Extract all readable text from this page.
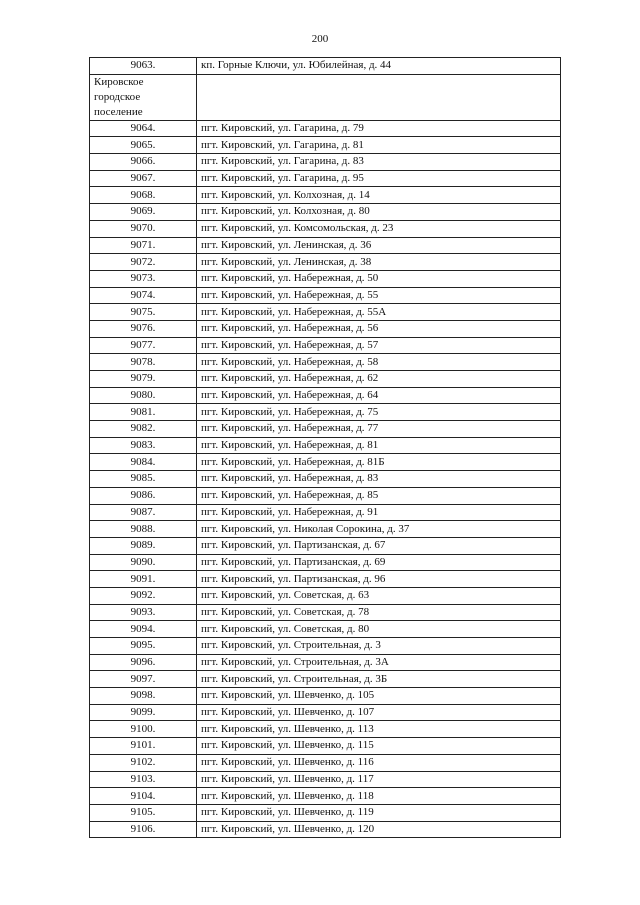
200
9063.	кп. Горные Ключи, ул. Юбилейная, д. 44

Кировское
городское
поселение	

9064.	пгт. Кировский, ул. Гагарина, д. 79
9065.	пгт. Кировский, ул. Гагарина, д. 81
9066.	пгт. Кировский, ул. Гагарина, д. 83
9067.	пгт. Кировский, ул. Гагарина, д. 95
9068.	пгт. Кировский, ул. Колхозная, д. 14
9069.	пгт. Кировский, ул. Колхозная, д. 80
9070.	пгт. Кировский, ул. Комсомольская, д. 23
9071.	пгт. Кировский, ул. Ленинская, д. 36
9072.	пгт. Кировский, ул. Ленинская, д. 38
9073.	пгт. Кировский, ул. Набережная, д. 50
9074.	пгт. Кировский, ул. Набережная, д. 55
9075.	пгт. Кировский, ул. Набережная, д. 55А
9076.	пгт. Кировский, ул. Набережная, д. 56
9077.	пгт. Кировский, ул. Набережная, д. 57
9078.	пгт. Кировский, ул. Набережная, д. 58
9079.	пгт. Кировский, ул. Набережная, д. 62
9080.	пгт. Кировский, ул. Набережная, д. 64
9081.	пгт. Кировский, ул. Набережная, д. 75
9082.	пгт. Кировский, ул. Набережная, д. 77
9083.	пгт. Кировский, ул. Набережная, д. 81
9084.	пгт. Кировский, ул. Набережная, д. 81Б
9085.	пгт. Кировский, ул. Набережная, д. 83
9086.	пгт. Кировский, ул. Набережная, д. 85
9087.	пгт. Кировский, ул. Набережная, д. 91
9088.	пгт. Кировский, ул. Николая Сорокина, д. 37
9089.	пгт. Кировский, ул. Партизанская, д. 67
9090.	пгт. Кировский, ул. Партизанская, д. 69
9091.	пгт. Кировский, ул. Партизанская, д. 96
9092.	пгт. Кировский, ул. Советская, д. 63
9093.	пгт. Кировский, ул. Советская, д. 78
9094.	пгт. Кировский, ул. Советская, д. 80
9095.	пгт. Кировский, ул. Строительная, д. 3
9096.	пгт. Кировский, ул. Строительная, д. 3А
9097.	пгт. Кировский, ул. Строительная, д. 3Б
9098.	пгт. Кировский, ул. Шевченко, д. 105
9099.	пгт. Кировский, ул. Шевченко, д. 107
9100.	пгт. Кировский, ул. Шевченко, д. 113
9101.	пгт. Кировский, ул. Шевченко, д. 115
9102.	пгт. Кировский, ул. Шевченко, д. 116
9103.	пгт. Кировский, ул. Шевченко, д. 117
9104.	пгт. Кировский, ул. Шевченко, д. 118
9105.	пгт. Кировский, ул. Шевченко, д. 119
9106.	пгт. Кировский, ул. Шевченко, д. 120
